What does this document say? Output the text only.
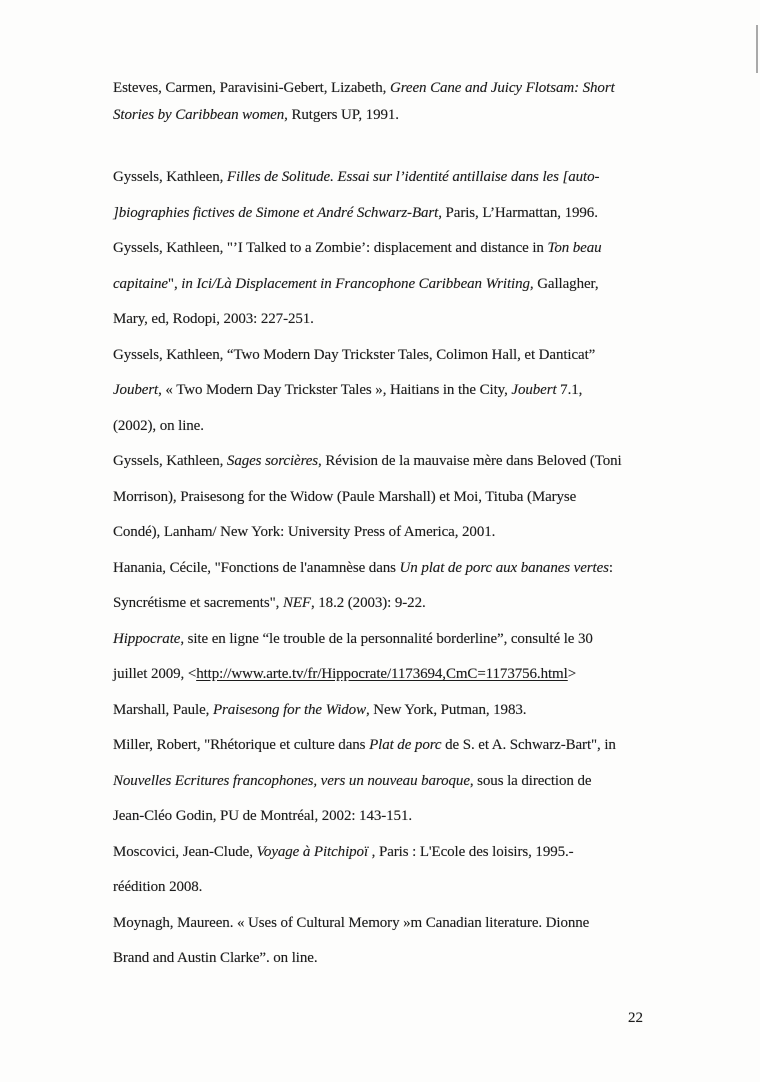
Esteves, Carmen, Paravisini-Gebert, Lizabeth, Green Cane and Juicy Flotsam: Short
Stories by Caribbean women, Rutgers UP, 1991.
Gyssels, Kathleen, Filles de Solitude. Essai sur l’identité antillaise dans les [auto-
]biographies fictives de Simone et André Schwarz-Bart, Paris, L’Harmattan, 1996.
Gyssels, Kathleen, "’I Talked to a Zombie’: displacement and distance in Ton beau
capitaine", in Ici/Là Displacement in Francophone Caribbean Writing, Gallagher,
Mary, ed, Rodopi, 2003: 227-251.
Gyssels, Kathleen, “Two Modern Day Trickster Tales, Colimon Hall, et Danticat”
Joubert, « Two Modern Day Trickster Tales », Haitians in the City, Joubert 7.1,
(2002), on line.
Gyssels, Kathleen, Sages sorcières, Révision de la mauvaise mère dans Beloved (Toni
Morrison), Praisesong for the Widow (Paule Marshall) et Moi, Tituba (Maryse
Condé), Lanham/ New York: University Press of America, 2001.
Hanania, Cécile, "Fonctions de l'anamnèse dans Un plat de porc aux bananes vertes:
Syncrétisme et sacrements", NEF, 18.2 (2003): 9-22.
Hippocrate, site en ligne “le trouble de la personnalité borderline”, consulté le 30
juillet 2009, <http://www.arte.tv/fr/Hippocrate/1173694,CmC=1173756.html>
Marshall, Paule, Praisesong for the Widow, New York, Putman, 1983.
Miller, Robert, "Rhétorique et culture dans Plat de porc de S. et A. Schwarz-Bart", in
Nouvelles Ecritures francophones, vers un nouveau baroque, sous la direction de
Jean-Cléo Godin, PU de Montréal, 2002: 143-151.
Moscovici, Jean-Clude, Voyage à Pitchipoï , Paris : L'Ecole des loisirs, 1995.-
réédition 2008.
Moynagh, Maureen. « Uses of Cultural Memory »m Canadian literature. Dionne
Brand and Austin Clarke”. on line.
22
